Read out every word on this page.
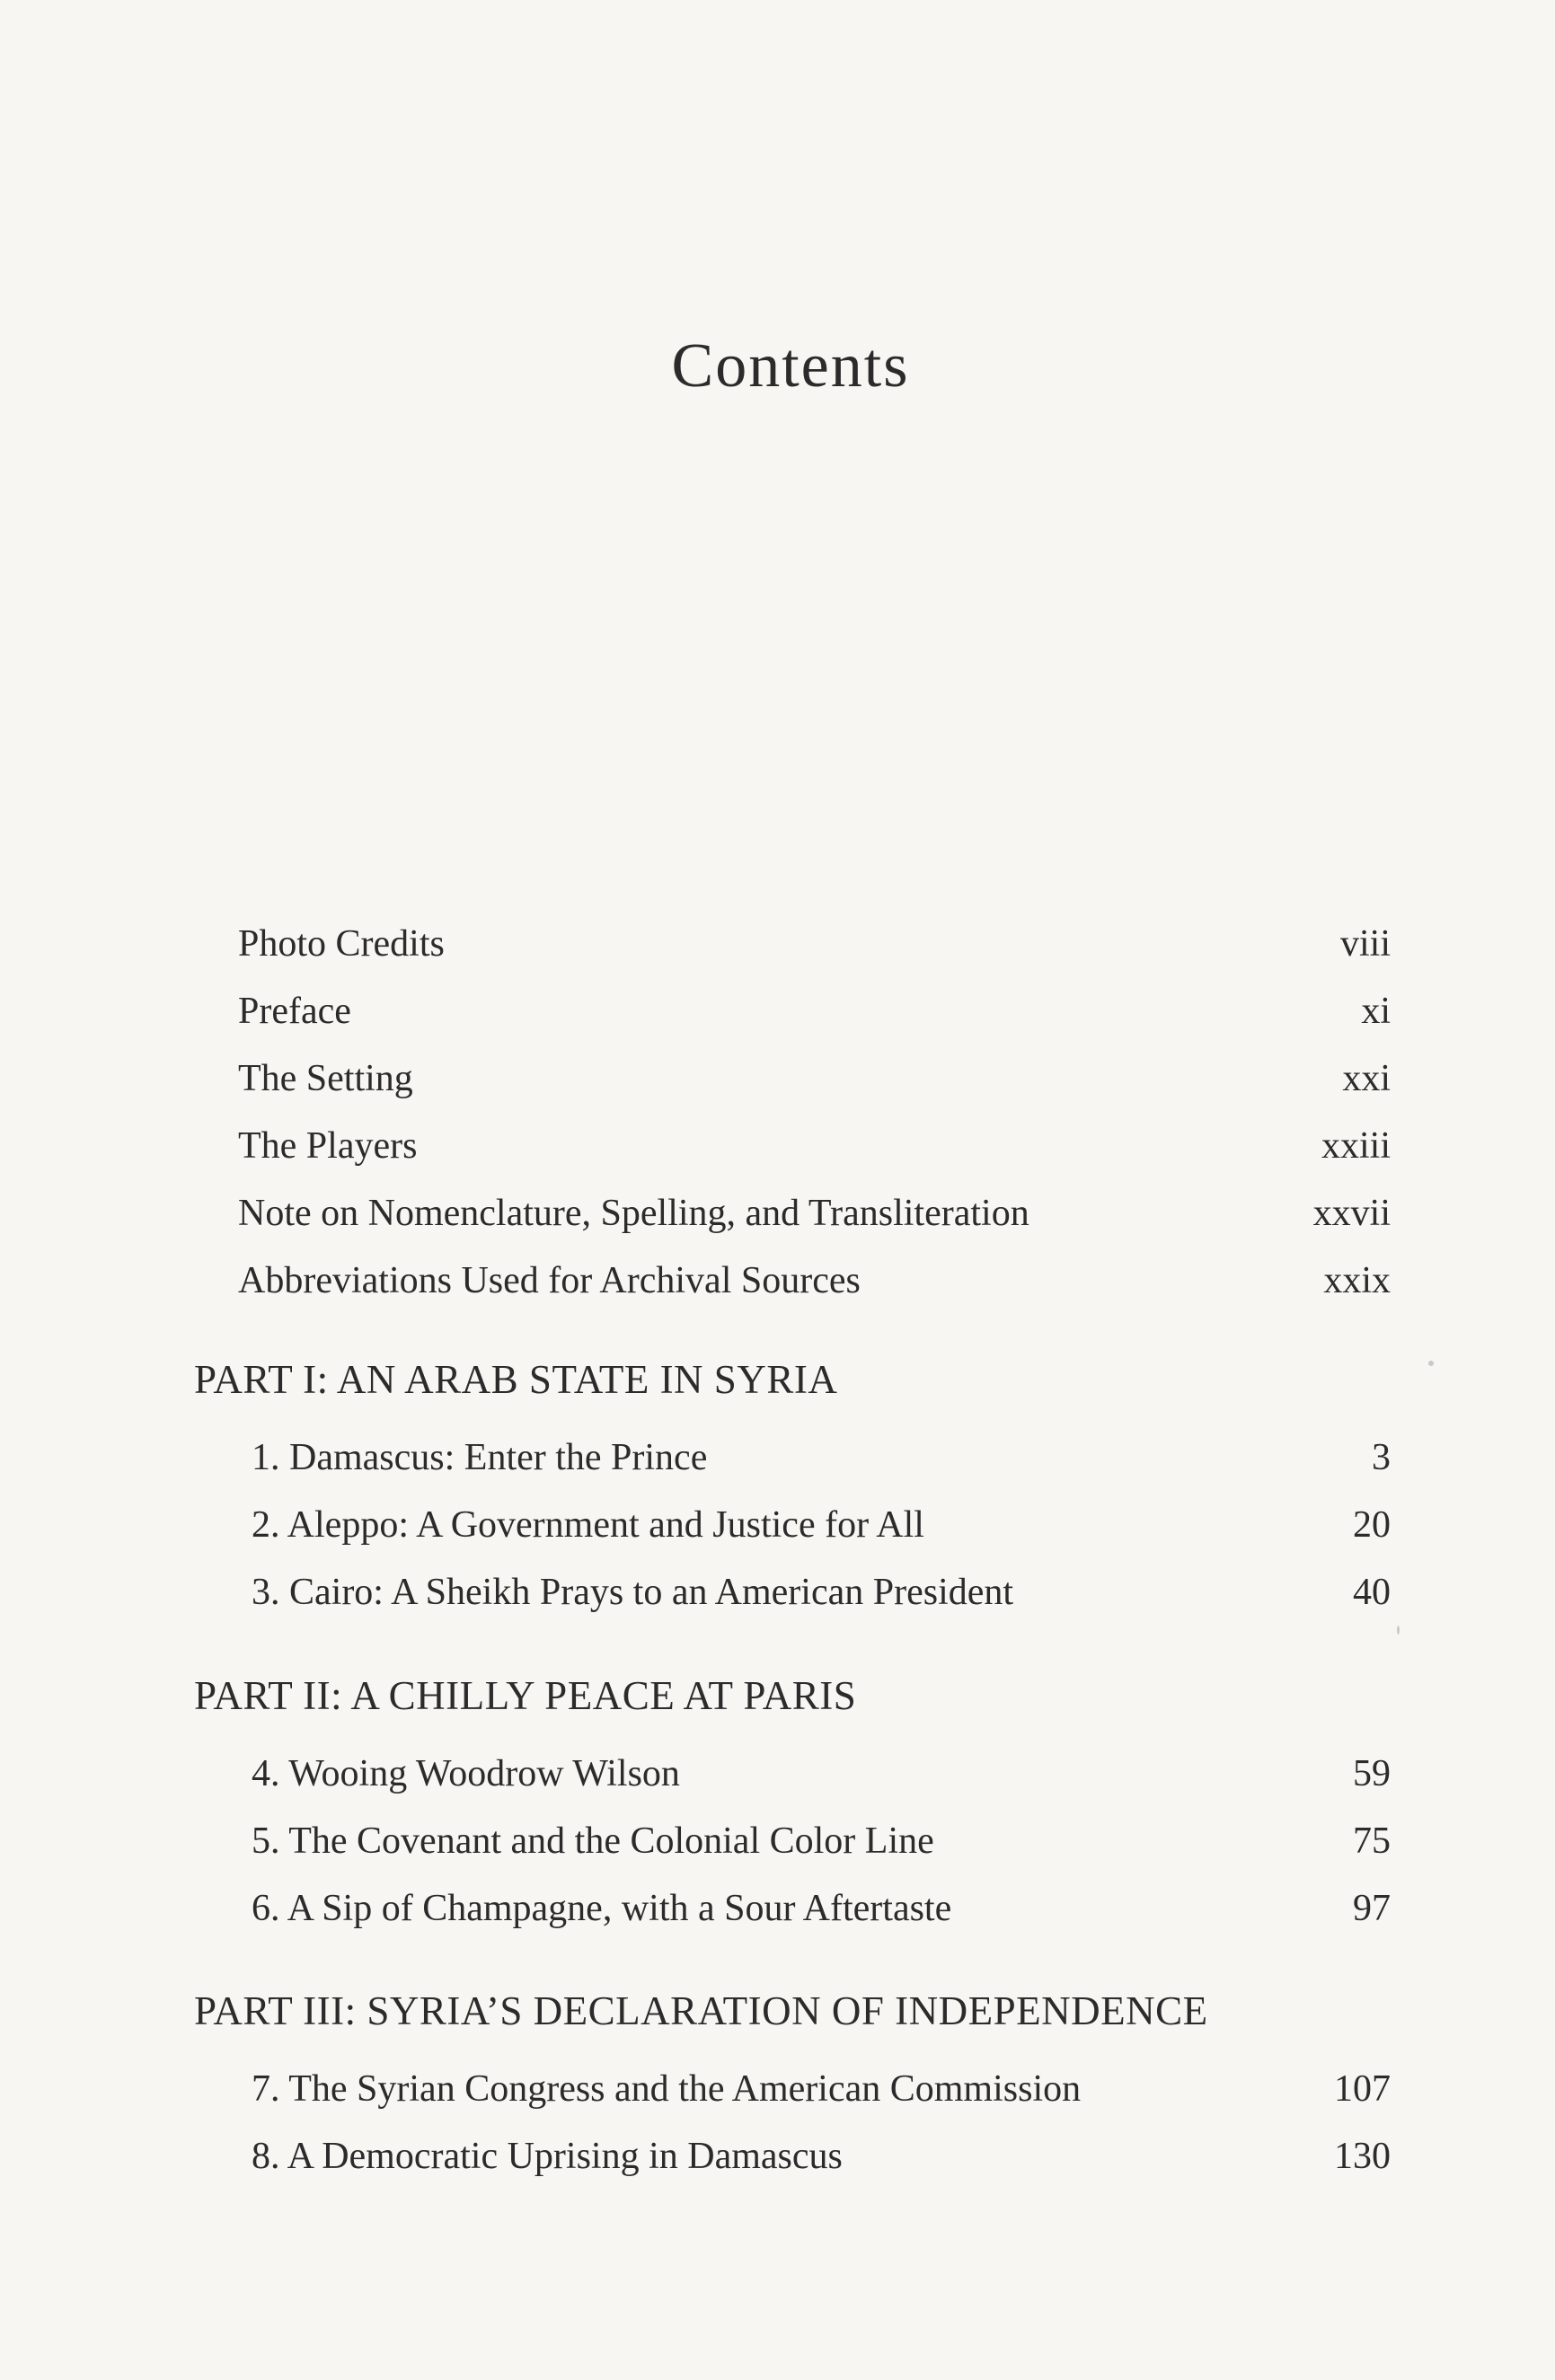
Contents
Photo Credits	viii
Preface	xi
The Setting	xxi
The Players	xxiii
Note on Nomenclature, Spelling, and Transliteration	xxvii
Abbreviations Used for Archival Sources	xxix
PART I: AN ARAB STATE IN SYRIA
1. Damascus: Enter the Prince	3
2. Aleppo: A Government and Justice for All	20
3. Cairo: A Sheikh Prays to an American President	40
PART II: A CHILLY PEACE AT PARIS
4. Wooing Woodrow Wilson	59
5. The Covenant and the Colonial Color Line	75
6. A Sip of Champagne, with a Sour Aftertaste	97
PART III: SYRIA’S DECLARATION OF INDEPENDENCE
7. The Syrian Congress and the American Commission	107
8. A Democratic Uprising in Damascus	130
